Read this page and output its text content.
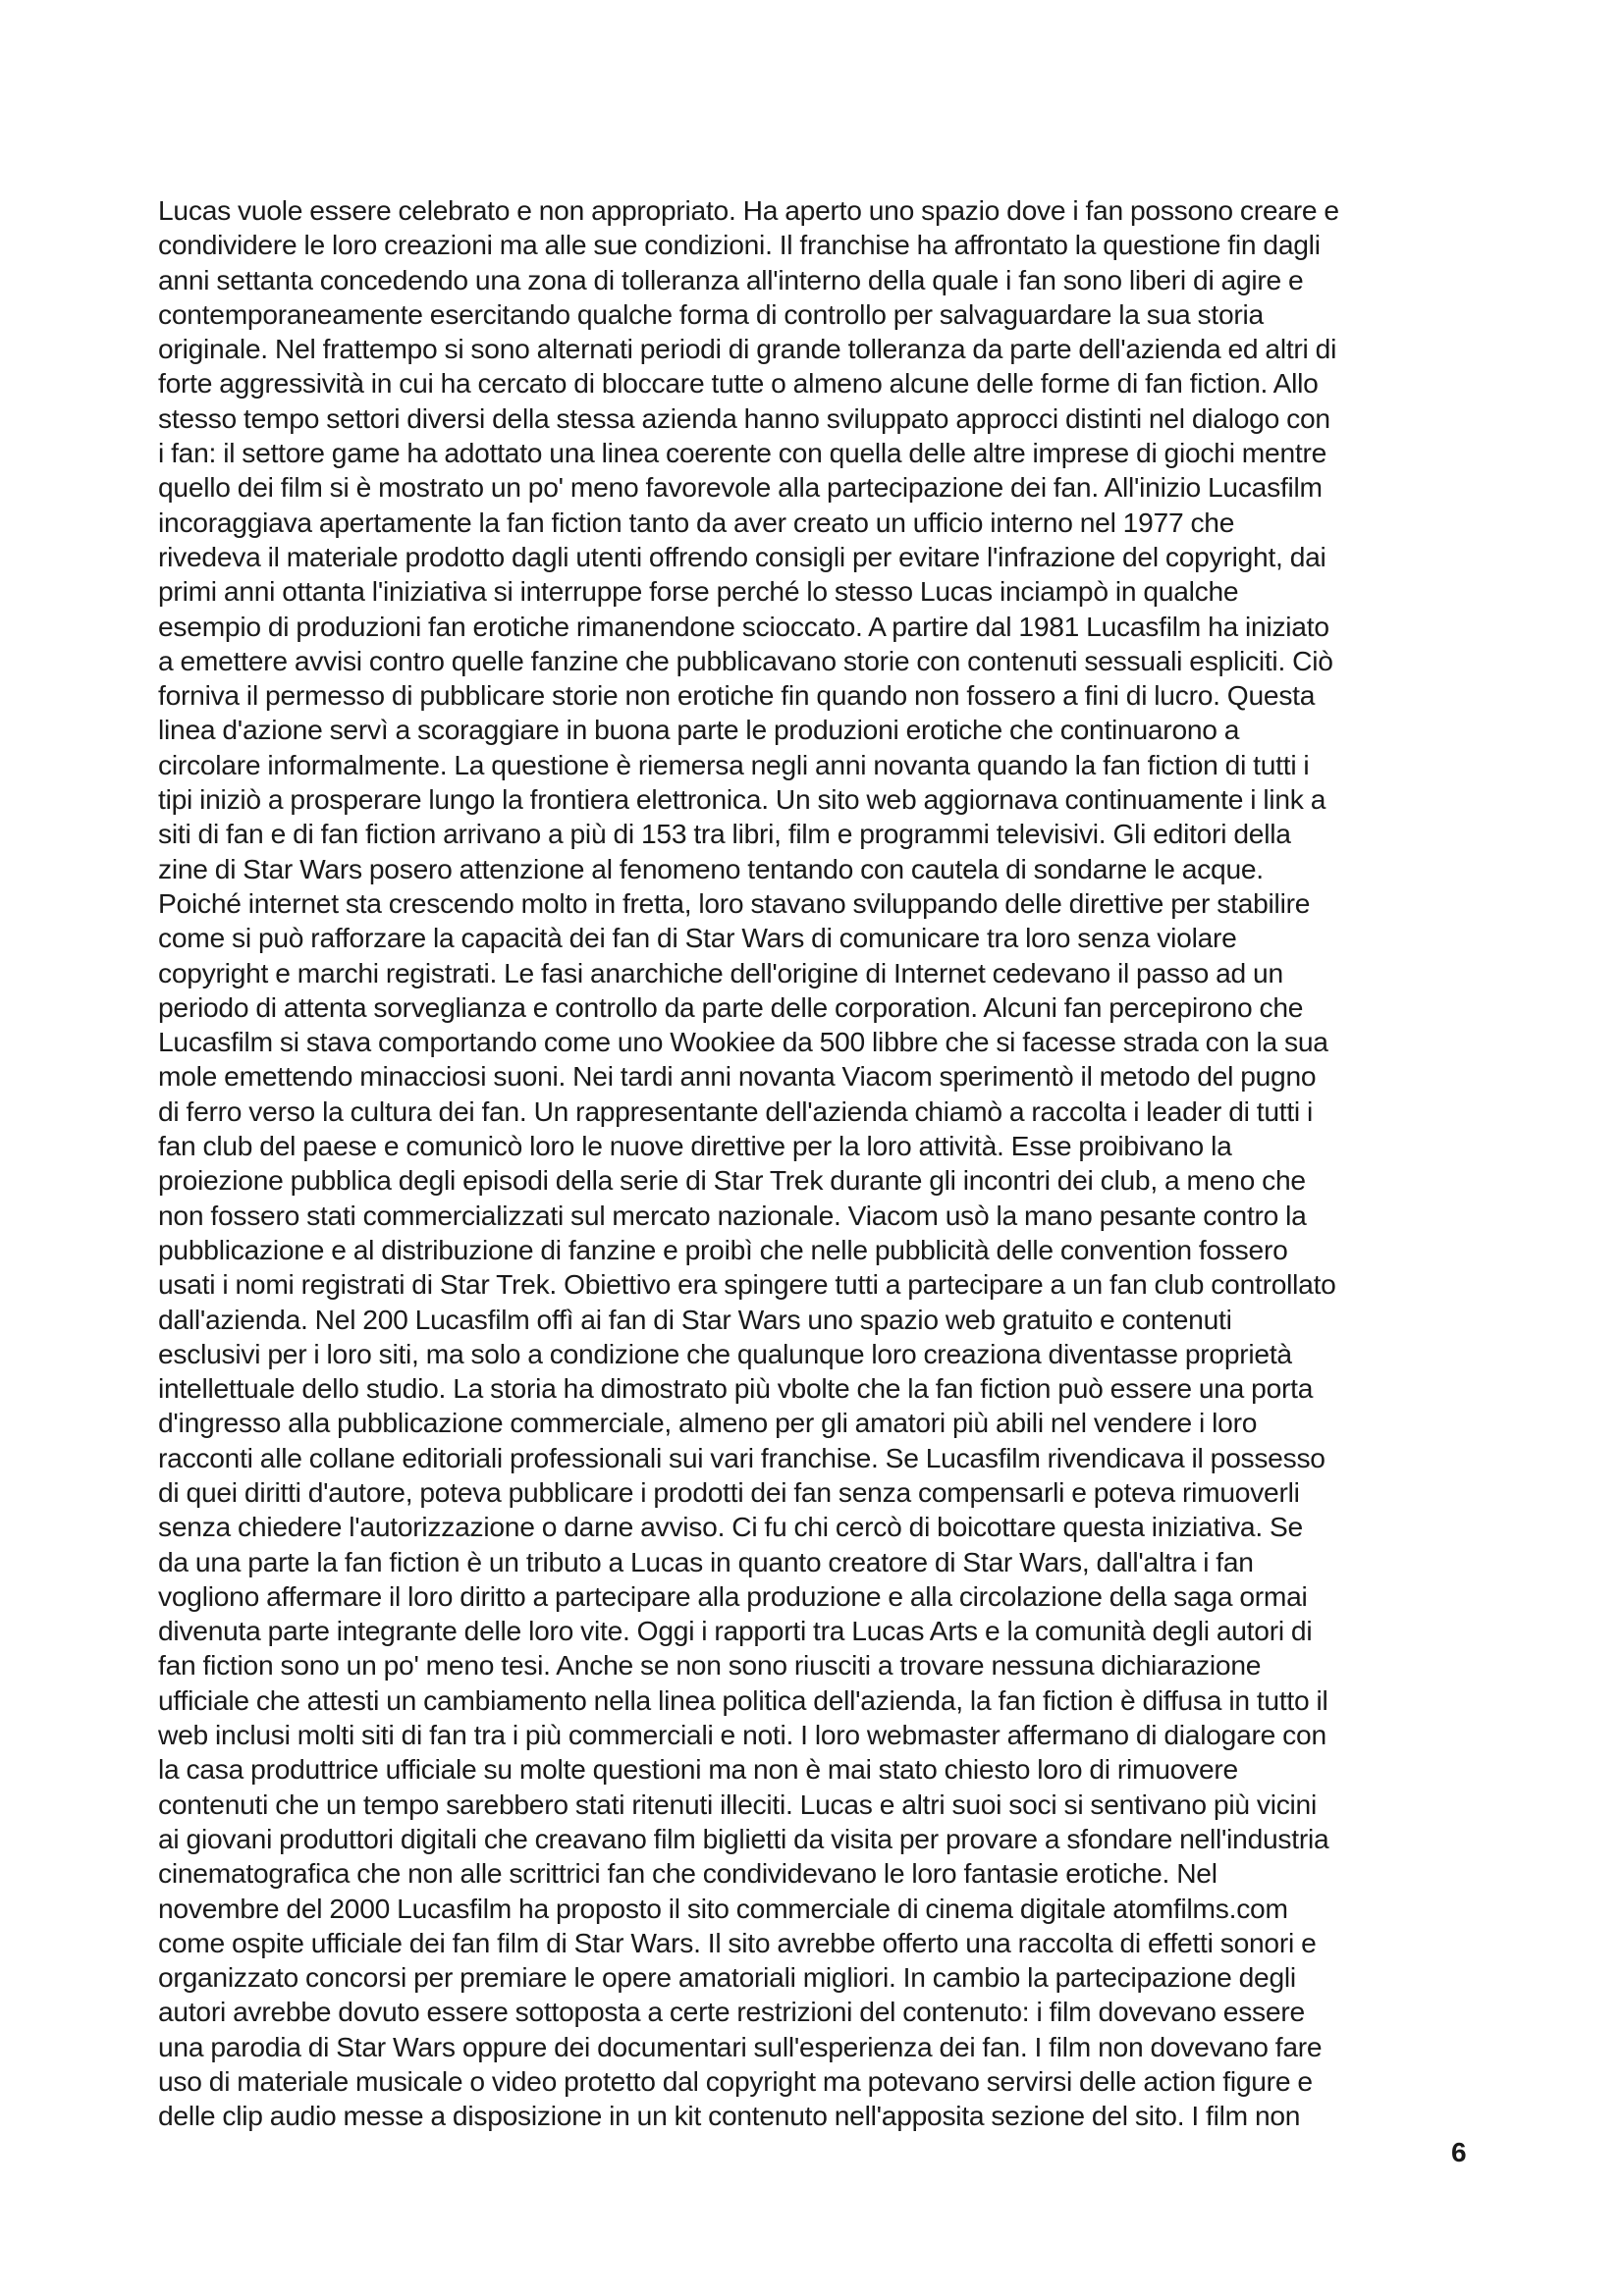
Lucas vuole essere celebrato e non appropriato. Ha aperto uno spazio dove i fan possono creare e
condividere le loro creazioni ma alle sue condizioni. Il franchise ha affrontato la questione fin dagli
anni settanta concedendo una zona di tolleranza all'interno della quale i fan sono liberi di agire e
contemporaneamente esercitando qualche forma di controllo per salvaguardare la sua storia
originale. Nel frattempo si sono alternati periodi di grande tolleranza da parte dell'azienda ed altri di
forte aggressività in cui ha cercato di bloccare tutte o almeno alcune delle forme di fan fiction. Allo
stesso tempo settori diversi della stessa azienda hanno sviluppato approcci distinti nel dialogo con
i fan: il settore game ha adottato una linea coerente con quella delle altre imprese di giochi mentre
quello dei film si è mostrato un po' meno favorevole alla partecipazione dei fan. All'inizio Lucasfilm
incoraggiava apertamente la fan fiction tanto da aver creato un ufficio interno nel 1977 che
rivedeva il materiale prodotto dagli utenti offrendo consigli per evitare l'infrazione del copyright, dai
primi anni ottanta l'iniziativa si interruppe forse perché lo stesso Lucas inciampò in qualche
esempio di produzioni fan erotiche rimanendone scioccato. A partire dal 1981 Lucasfilm ha iniziato
a emettere avvisi contro quelle fanzine che pubblicavano storie con contenuti sessuali espliciti. Ciò
forniva il permesso di pubblicare storie non erotiche fin quando non fossero a fini di lucro. Questa
linea d'azione servì a scoraggiare in buona parte le produzioni erotiche che continuarono a
circolare informalmente. La questione è riemersa negli anni novanta quando la fan fiction di tutti i
tipi iniziò a prosperare lungo la frontiera elettronica. Un sito web aggiornava continuamente i link a
siti di fan e di fan fiction arrivano a più di 153 tra libri, film e programmi televisivi. Gli editori della
zine di Star Wars posero attenzione al fenomeno tentando con cautela di sondarne le acque.
Poiché internet sta crescendo molto in fretta, loro stavano sviluppando delle direttive per stabilire
come si può rafforzare la capacità dei fan di Star Wars di comunicare tra loro senza violare
copyright e marchi registrati. Le fasi anarchiche dell'origine di Internet cedevano il passo ad un
periodo di attenta sorveglianza e controllo da parte delle corporation. Alcuni fan percepirono che
Lucasfilm si stava comportando come uno Wookiee da 500 libbre che si facesse strada con la sua
mole emettendo minacciosi suoni. Nei tardi anni novanta Viacom sperimentò il metodo del pugno
di ferro verso la cultura dei fan. Un rappresentante dell'azienda chiamò a raccolta i leader di tutti i
fan club del paese e comunicò loro le nuove direttive per la loro attività. Esse proibivano la
proiezione pubblica degli episodi della serie di Star Trek durante gli incontri dei club, a meno che
non fossero stati commercializzati sul mercato nazionale. Viacom usò la mano pesante contro la
pubblicazione e al distribuzione di fanzine e proibì che nelle pubblicità delle convention fossero
usati i nomi registrati di Star Trek. Obiettivo era spingere tutti a partecipare a un fan club controllato
dall'azienda. Nel 200 Lucasfilm offì ai fan di Star Wars uno spazio web gratuito e contenuti
esclusivi per i loro siti, ma solo a condizione che qualunque loro creaziona diventasse proprietà
intellettuale dello studio. La storia ha dimostrato più vbolte che la fan fiction può essere una porta
d'ingresso alla pubblicazione commerciale, almeno per gli amatori più abili nel vendere i loro
racconti alle collane editoriali professionali sui vari franchise. Se Lucasfilm rivendicava il possesso
di quei diritti d'autore, poteva pubblicare i prodotti dei fan senza compensarli e poteva rimuoverli
senza chiedere l'autorizzazione o darne avviso. Ci fu chi cercò di boicottare questa iniziativa. Se
da una parte la fan fiction è un tributo a Lucas in quanto creatore di Star Wars, dall'altra i fan
vogliono affermare il loro diritto a partecipare alla produzione e alla circolazione della saga ormai
divenuta parte integrante delle loro vite. Oggi i rapporti tra Lucas Arts e la comunità degli autori di
fan fiction sono un po' meno tesi. Anche se non sono riusciti a trovare nessuna dichiarazione
ufficiale che attesti un cambiamento nella linea politica dell'azienda, la fan fiction è diffusa in tutto il
web inclusi molti siti di fan tra i più commerciali e noti. I loro webmaster affermano di dialogare con
la casa produttrice ufficiale su molte questioni ma non è mai stato chiesto loro di rimuovere
contenuti che un tempo sarebbero stati ritenuti illeciti. Lucas e altri suoi soci si sentivano più vicini
ai giovani produttori digitali che creavano film biglietti da visita per provare a sfondare nell'industria
cinematografica che non alle scrittrici fan che condividevano le loro fantasie erotiche. Nel
novembre del 2000 Lucasfilm ha proposto il sito commerciale di cinema digitale atomfilms.com
come ospite ufficiale dei fan film di Star Wars. Il sito avrebbe offerto una raccolta di effetti sonori e
organizzato concorsi per premiare le opere amatoriali migliori. In cambio la partecipazione degli
autori avrebbe dovuto essere sottoposta a certe restrizioni del contenuto: i film dovevano essere
una parodia di Star Wars oppure dei documentari sull'esperienza dei fan. I film non dovevano fare
uso di materiale musicale o video protetto dal copyright ma potevano servirsi delle action figure e
delle clip audio messe a disposizione in un kit contenuto nell'apposita sezione del sito. I film non
6
